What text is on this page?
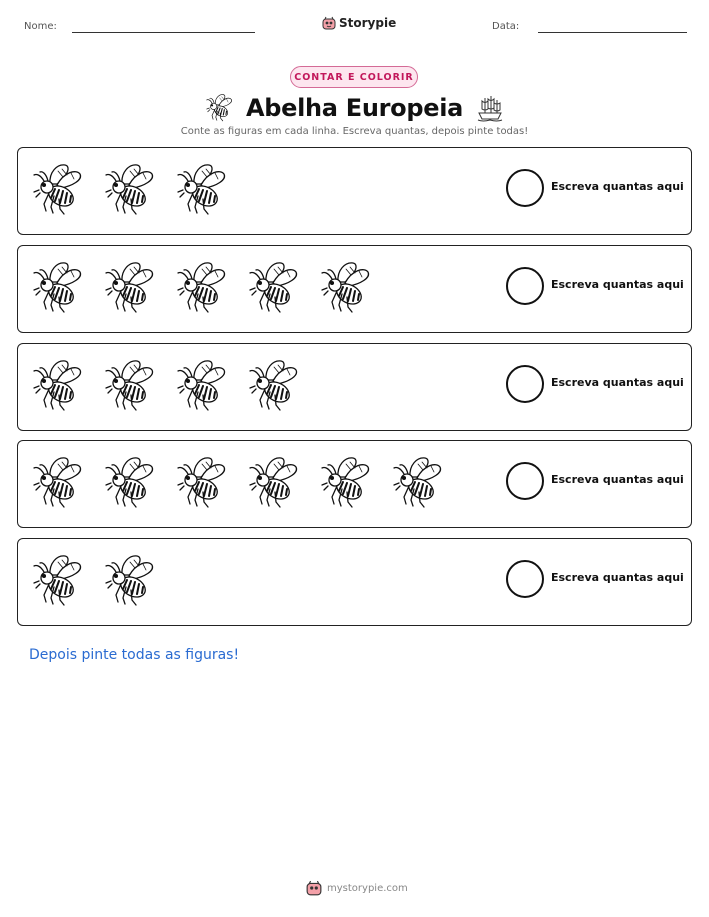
Nome:	Storypie	Data:
CONTAR E COLORIR
Abelha Europeia
Conte as figuras em cada linha. Escreva quantas, depois pinte todas!
Escreva quantas aqui
Escreva quantas aqui
Escreva quantas aqui
Escreva quantas aqui
Escreva quantas aqui
Depois pinte todas as figuras!
mystorypie.com
